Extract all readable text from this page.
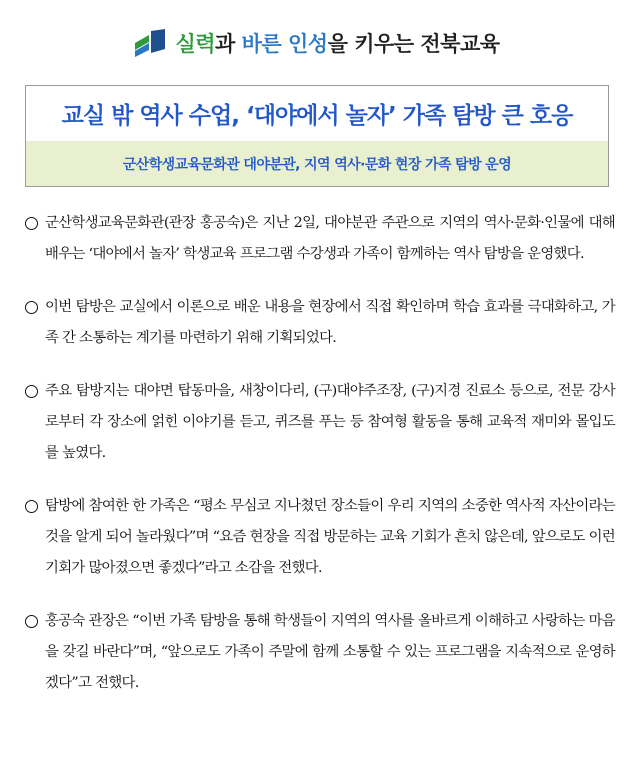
실력과 바른 인성을 키우는 전북교육
교실 밖 역사 수업, ‘대야에서 놀자’ 가족 탐방 큰 호응
군산학생교육문화관 대야분관, 지역 역사·문화 현장 가족 탐방 운영
군산학생교육문화관(관장 홍공숙)은 지난 2일, 대야분관 주관으로 지역의 역사·문화·인물에 대해 배우는 ‘대야에서 놀자’ 학생교육 프로그램 수강생과 가족이 함께하는 역사 탐방을 운영했다.
이번 탐방은 교실에서 이론으로 배운 내용을 현장에서 직접 확인하며 학습 효과를 극대화하고, 가족 간 소통하는 계기를 마련하기 위해 기획되었다.
주요 탐방지는 대야면 탑동마을, 새창이다리, (구)대야주조장, (구)지경 진료소 등으로, 전문 강사로부터 각 장소에 얽힌 이야기를 듣고, 퀴즈를 푸는 등 참여형 활동을 통해 교육적 재미와 몰입도를 높였다.
탐방에 참여한 한 가족은 “평소 무심코 지나쳤던 장소들이 우리 지역의 소중한 역사적 자산이라는 것을 알게 되어 놀라웠다”며 “요즘 현장을 직접 방문하는 교육 기회가 흔치 않은데, 앞으로도 이런 기회가 많아졌으면 좋겠다”라고 소감을 전했다.
홍공숙 관장은 “이번 가족 탐방을 통해 학생들이 지역의 역사를 올바르게 이해하고 사랑하는 마음을 갖길 바란다”며, “앞으로도 가족이 주말에 함께 소통할 수 있는 프로그램을 지속적으로 운영하겠다”고 전했다.
